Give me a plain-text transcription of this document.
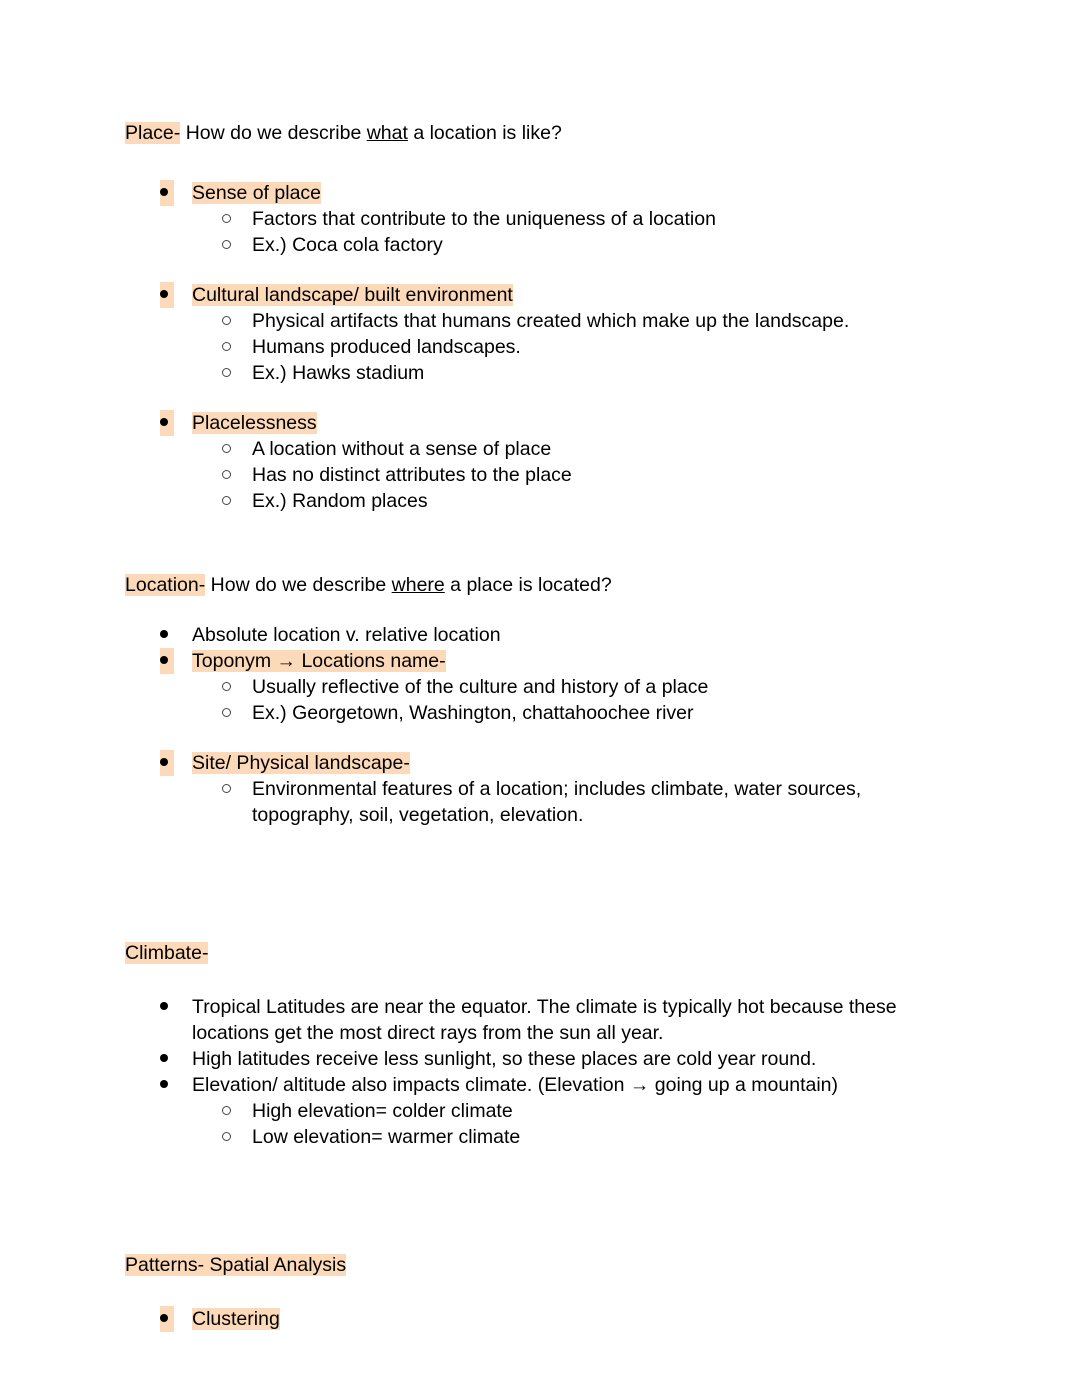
Place- How do we describe what a location is like?
Sense of place
Factors that contribute to the uniqueness of a location
Ex.) Coca cola factory
Cultural landscape/ built environment
Physical artifacts that humans created which make up the landscape.
Humans produced landscapes.
Ex.) Hawks stadium
Placelessness
A location without a sense of place
Has no distinct attributes to the place
Ex.) Random places
Location- How do we describe where a place is located?
Absolute location v. relative location
Toponym → Locations name-
Usually reflective of the culture and history of a place
Ex.) Georgetown, Washington, chattahoochee river
Site/ Physical landscape-
Environmental features of a location; includes climbate, water sources, topography, soil, vegetation, elevation.
Climbate-
Tropical Latitudes are near the equator. The climate is typically hot because these locations get the most direct rays from the sun all year.
High latitudes receive less sunlight, so these places are cold year round.
Elevation/ altitude also impacts climate. (Elevation → going up a mountain)
High elevation= colder climate
Low elevation= warmer climate
Patterns- Spatial Analysis
Clustering
